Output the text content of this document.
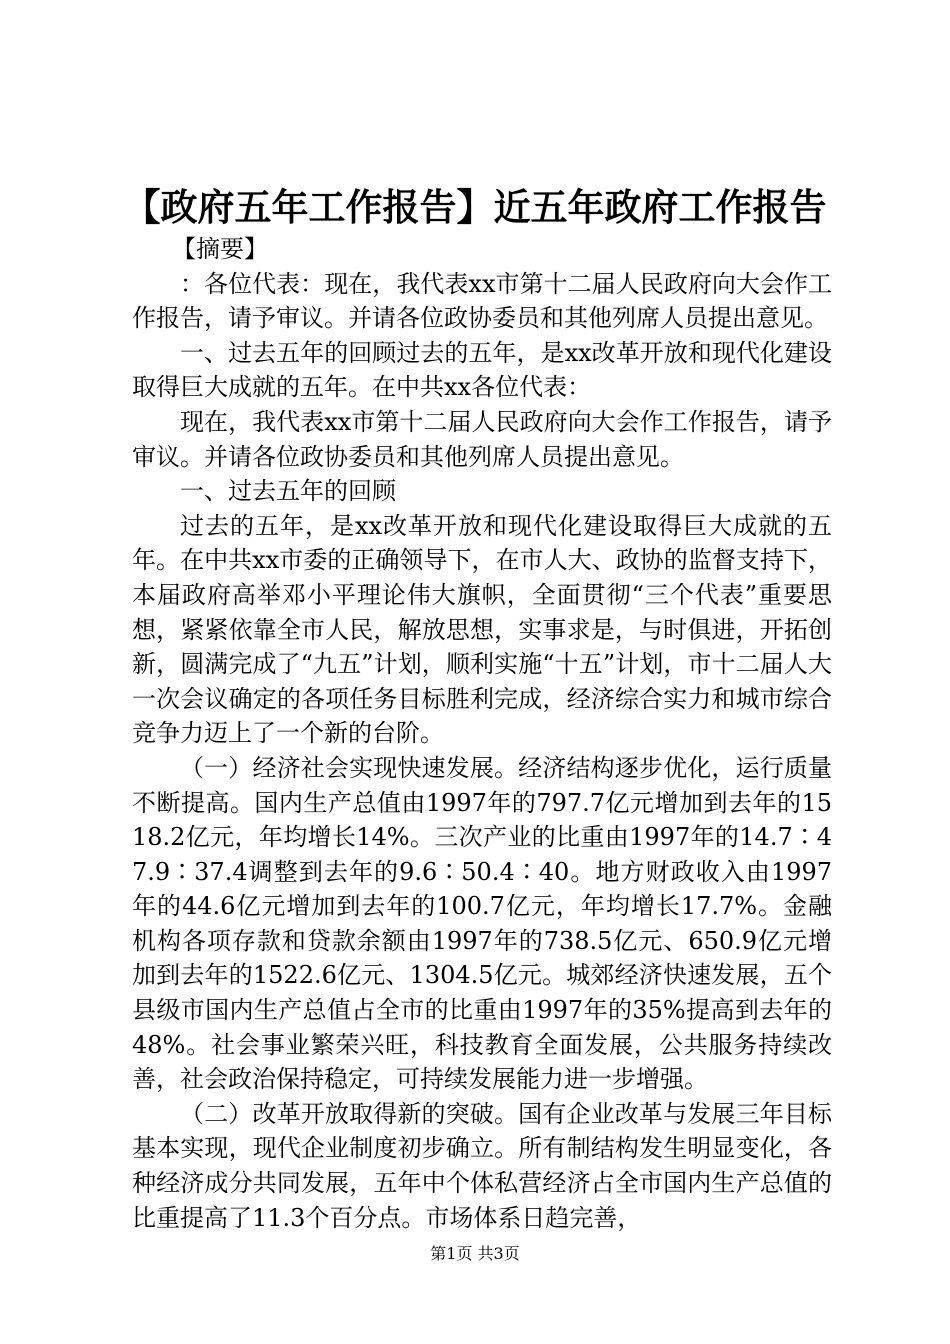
【政府五年工作报告】近五年政府工作报告

【摘要】

：各位代表：现在，我代表xx市第十二届人民政府向大会作工作报告，请予审议。并请各位政协委员和其他列席人员提出意见。

一、过去五年的回顾过去的五年，是xx改革开放和现代化建设取得巨大成就的五年。在中共xx各位代表：

现在，我代表xx市第十二届人民政府向大会作工作报告，请予审议。并请各位政协委员和其他列席人员提出意见。

一、过去五年的回顾

过去的五年，是xx改革开放和现代化建设取得巨大成就的五年。在中共xx市委的正确领导下，在市人大、政协的监督支持下，本届政府高举邓小平理论伟大旗帜，全面贯彻“三个代表”重要思想，紧紧依靠全市人民，解放思想，实事求是，与时俱进，开拓创新，圆满完成了“九五”计划，顺利实施“十五”计划，市十二届人大一次会议确定的各项任务目标胜利完成，经济综合实力和城市综合竞争力迈上了一个新的台阶。

（一）经济社会实现快速发展。经济结构逐步优化，运行质量不断提高。国内生产总值由1997年的797.7亿元增加到去年的1518.2亿元，年均增长14%。三次产业的比重由1997年的14.7∶47.9∶37.4调整到去年的9.6∶50.4∶40。地方财政收入由1997年的44.6亿元增加到去年的100.7亿元，年均增长17.7%。金融机构各项存款和贷款余额由1997年的738.5亿元、650.9亿元增加到去年的1522.6亿元、1304.5亿元。城郊经济快速发展，五个县级市国内生产总值占全市的比重由1997年的35%提高到去年的48%。社会事业繁荣兴旺，科技教育全面发展，公共服务持续改善，社会政治保持稳定，可持续发展能力进一步增强。

（二）改革开放取得新的突破。国有企业改革与发展三年目标基本实现，现代企业制度初步确立。所有制结构发生明显变化，各种经济成分共同发展，五年中个体私营经济占全市国内生产总值的比重提高了11.3个百分点。市场体系日趋完善，

第1页 共3页
